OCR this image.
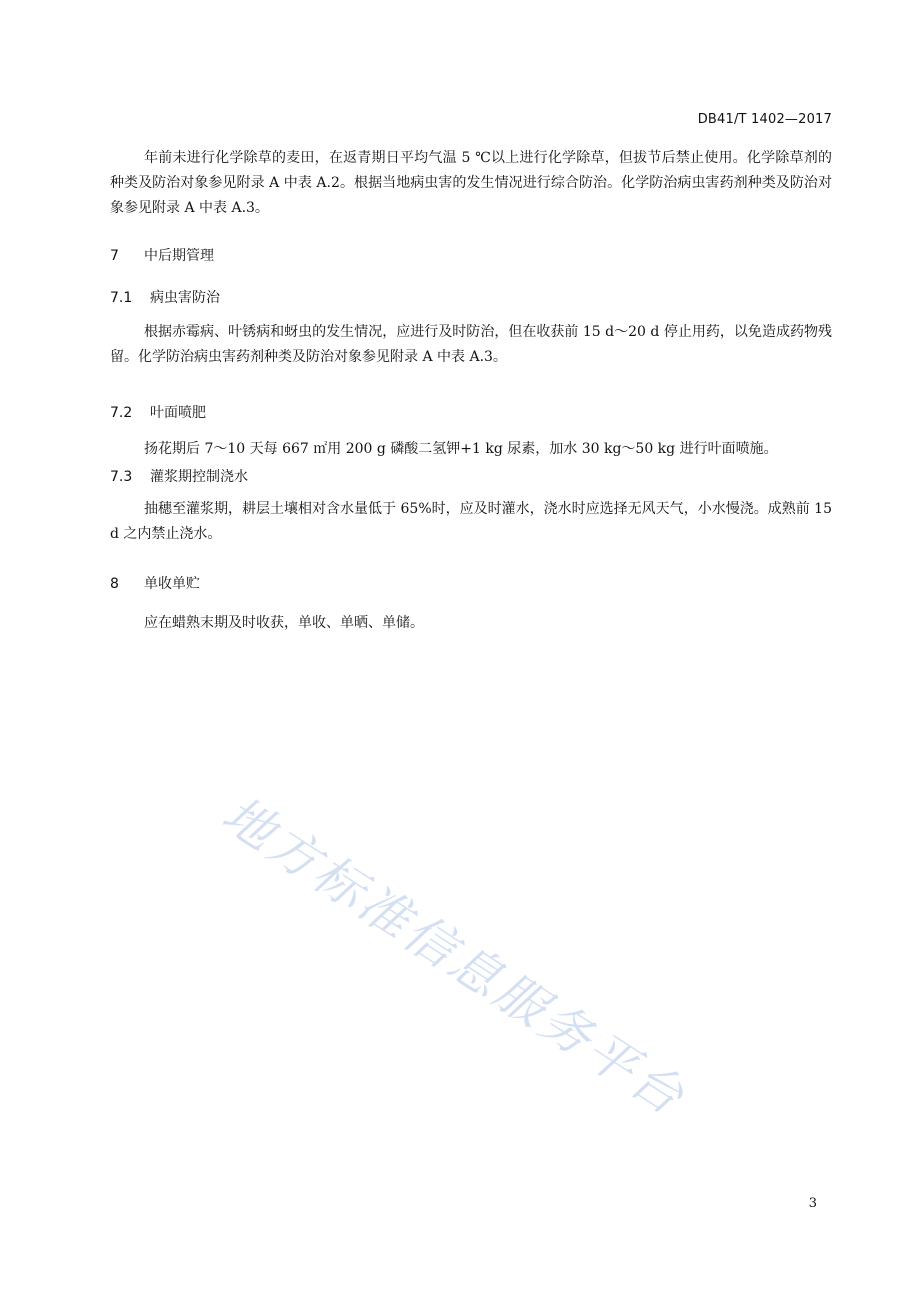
DB41/T 1402—2017

年前未进行化学除草的麦田，在返青期日平均气温 5 ℃以上进行化学除草，但拔节后禁止使用。化学除草剂的种类及防治对象参见附录 A 中表 A.2。根据当地病虫害的发生情况进行综合防治。化学防治病虫害药剂种类及防治对象参见附录 A 中表 A.3。

7	中后期管理
7.1	病虫害防治

根据赤霉病、叶锈病和蚜虫的发生情况，应进行及时防治，但在收获前 15 d～20 d 停止用药，以免造成药物残留。化学防治病虫害药剂种类及防治对象参见附录 A 中表 A.3。

7.2	叶面喷肥

扬花期后 7～10 天每 667 ㎡用 200 g 磷酸二氢钾+1 kg 尿素，加水 30 kg～50 kg 进行叶面喷施。

7.3	灌浆期控制浇水

抽穗至灌浆期，耕层土壤相对含水量低于 65%时，应及时灌水，浇水时应选择无风天气，小水慢浇。成熟前 15 d 之内禁止浇水。

8	单收单贮

应在蜡熟末期及时收获，单收、单晒、单储。

地方标准信息服务平台
3
